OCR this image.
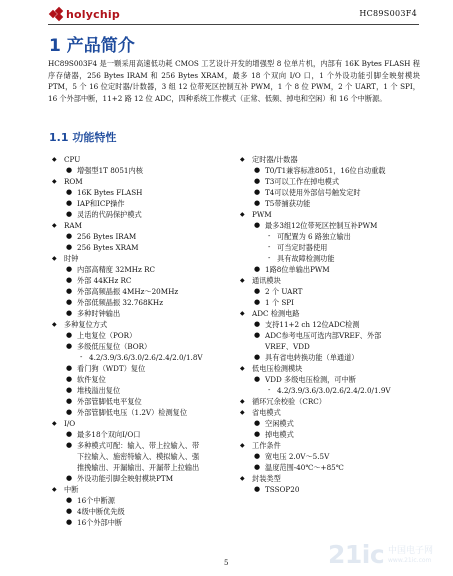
holychip	HC89S003F4
1 产品简介

HC89S003F4 是一颗采用高速低功耗 CMOS 工艺设计开发的增强型 8 位单片机，内部有 16K Bytes FLASH 程序存储器，256 Bytes IRAM 和 256 Bytes XRAM，最多 18 个双向 I/O 口，1 个外设功能引脚全映射模块 PTM，5 个 16 位定时器/计数器，3 组 12 位带死区控制互补 PWM，1 个 8 位 PWM，2 个 UART，1 个 SPI，16 个外部中断，11+2 路 12 位 ADC，四种系统工作模式（正常、低频、掉电和空闲）和 16 个中断源。

1.1 功能特性
◆ CPU
● 增强型1T 8051内核
◆ ROM
● 16K Bytes FLASH
● IAP和ICP操作
● 灵活的代码保护模式
◆ RAM
● 256 Bytes IRAM
● 256 Bytes XRAM
◆ 时钟
● 内部高精度 32MHz RC
● 外部 44KHz RC
● 外部高频晶振 4MHz～20MHz
● 外部低频晶振 32.768KHz
● 多种时钟输出
◆ 多种复位方式
● 上电复位（POR）
● 多级低压复位（BOR）
- 4.2/3.9/3.6/3.0/2.6/2.4/2.0/1.8V
● 看门狗（WDT）复位
● 软件复位
● 堆栈溢出复位
● 外部管脚低电平复位
● 外部管脚低电压（1.2V）检测复位
◆ I/O
● 最多18个双向I/O口
● 多种模式可配：输入、带上拉输入、带
下拉输入、施密特输入、模拟输入、强
推挽输出、开漏输出、开漏带上拉输出
● 外设功能引脚全映射模块PTM
◆ 中断
● 16个中断源
● 4级中断优先级
● 16个外部中断
◆ 定时器/计数器
● T0/T1兼容标准8051，16位自动重载
● T3可以工作在掉电模式
● T4可以使用外部信号触发定时
● T5带捕获功能
◆ PWM
● 最多3组12位带死区控制互补PWM
- 可配置为 6 路独立输出
- 可当定时器使用
- 具有故障检测功能
● 1路8位单输出PWM
◆ 通讯模块
● 2 个 UART
● 1 个 SPI
◆ ADC 检测电路
● 支持11+2 ch 12位ADC检测
● ADC参考电压可选内部VREF、外部
VREF、VDD
● 具有省电转换功能（单通道）
◆ 低电压检测模块
● VDD 多级电压检测，可中断
- 4.2/3.9/3.6/3.0/2.6/2.4/2.0/1.9V
◆ 循环冗余校验（CRC）
◆ 省电模式
● 空闲模式
● 掉电模式
◆ 工作条件
● 宽电压 2.0V～5.5V
● 温度范围-40℃～+85℃
◆ 封装类型
● TSSOP20
5	21ic 中国电子网
www.21ic.com
